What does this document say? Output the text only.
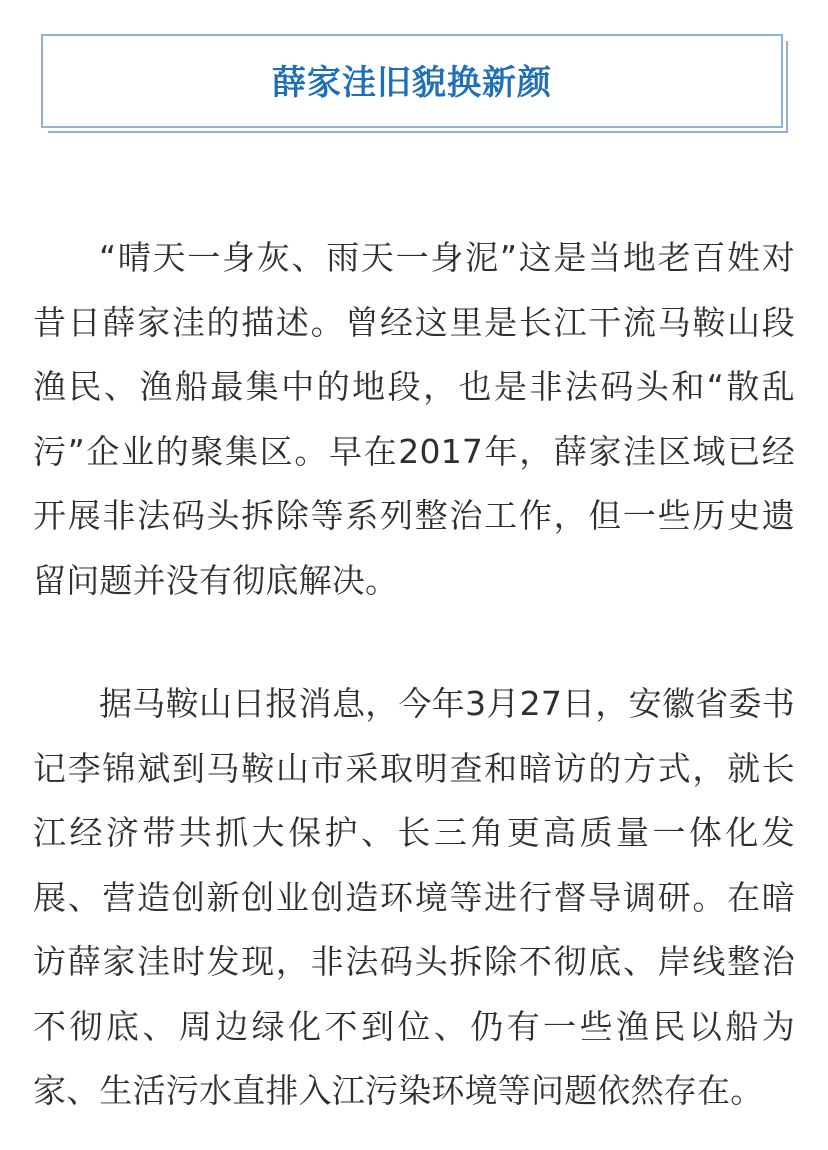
薛家洼旧貌换新颜

“晴天一身灰、雨天一身泥”这是当地老百姓对昔日薛家洼的描述。曾经这里是长江干流马鞍山段渔民、渔船最集中的地段，也是非法码头和“散乱污”企业的聚集区。早在2017年，薛家洼区域已经开展非法码头拆除等系列整治工作，但一些历史遗留问题并没有彻底解决。

据马鞍山日报消息，今年3月27日，安徽省委书记李锦斌到马鞍山市采取明查和暗访的方式，就长江经济带共抓大保护、长三角更高质量一体化发展、营造创新创业创造环境等进行督导调研。在暗访薛家洼时发现，非法码头拆除不彻底、岸线整治不彻底、周边绿化不到位、仍有一些渔民以船为家、生活污水直排入江污染环境等问题依然存在。
